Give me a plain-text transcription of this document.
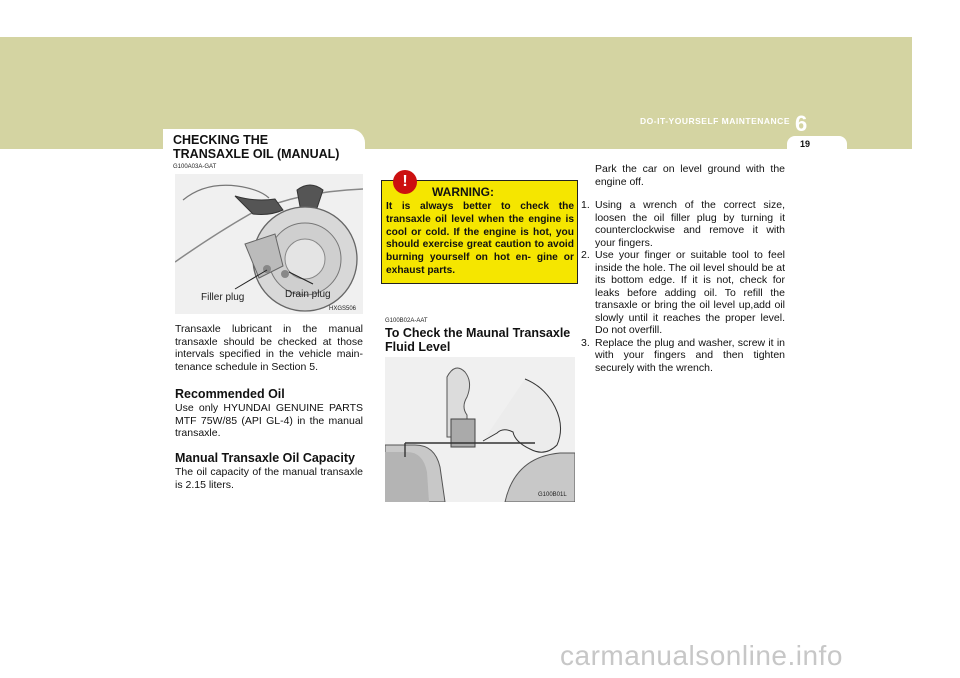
DO-IT-YOURSELF MAINTENANCE 6
19
CHECKING THE
TRANSAXLE OIL (MANUAL)
G100A03A-GAT
Filler plug	Drain plug
HXGS506
Transaxle lubricant in the manual transaxle should be checked at those intervals specified in the vehicle main- tenance schedule in Section 5.
Recommended Oil
Use only HYUNDAI GENUINE PARTS MTF 75W/85 (API GL-4) in the manual transaxle.
Manual Transaxle Oil Capacity
The oil capacity of the manual transaxle is 2.15 liters.
!
WARNING:
It is always better to check the transaxle oil level when the engine is cool or cold. If the engine is hot, you should exercise great caution to avoid burning yourself on hot en- gine or exhaust parts.
G100B02A-AAT
To Check the Maunal Transaxle
Fluid Level
G100B01L
Park the car on level ground with the engine off.
1. Using a wrench of the correct size, loosen the oil filler plug by turning it counterclockwise and remove it with your fingers.
2. Use your finger or suitable tool to feel inside the hole. The oil level should be at its bottom edge. If it is not, check for leaks before adding oil. To refill the transaxle or bring the oil level up,add oil slowly until it reaches the proper level. Do not overfill.
3. Replace the plug and washer, screw it in with your fingers and then tighten securely with the wrench.
carmanualsonline.info
